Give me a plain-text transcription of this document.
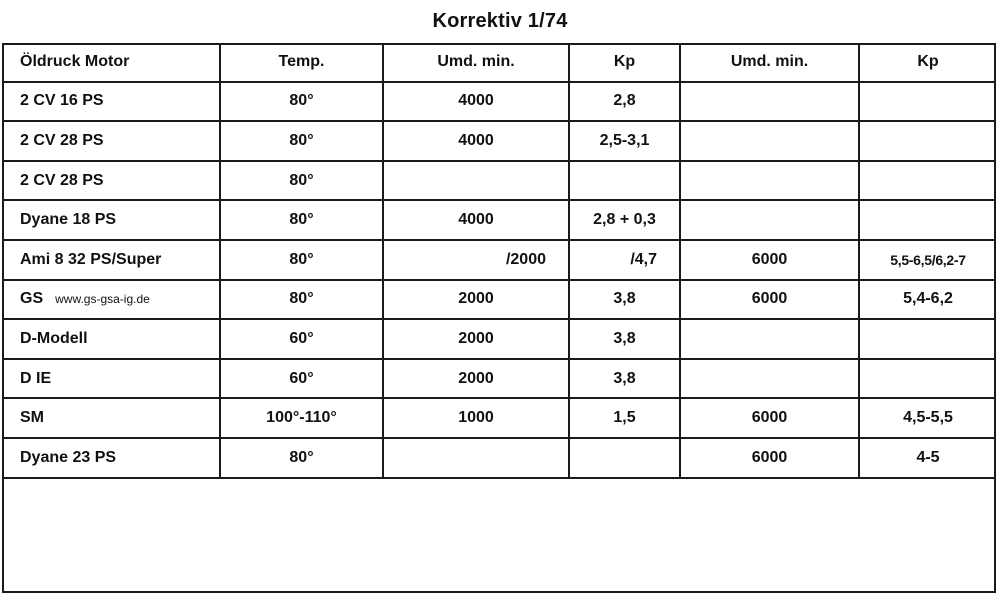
Korrektiv 1/74
Öldruck Motor	Temp.	Umd. min.	Kp	Umd. min.	Kp
2 CV 16 PS	80°	4000	2,8		
2 CV 28 PS	80°	4000	2,5-3,1		
2 CV 28 PS	80°				
Dyane 18 PS	80°	4000	2,8 + 0,3		
Ami 8 32 PS/Super	80°	/2000	/4,7	6000	5,5-6,5/6,2-7
GS www.gs-gsa-ig.de	80°	2000	3,8	6000	5,4-6,2
D-Modell	60°	2000	3,8		
D IE	60°	2000	3,8		
SM	100°-110°	1000	1,5	6000	4,5-5,5
Dyane 23 PS	80°			6000	4-5
